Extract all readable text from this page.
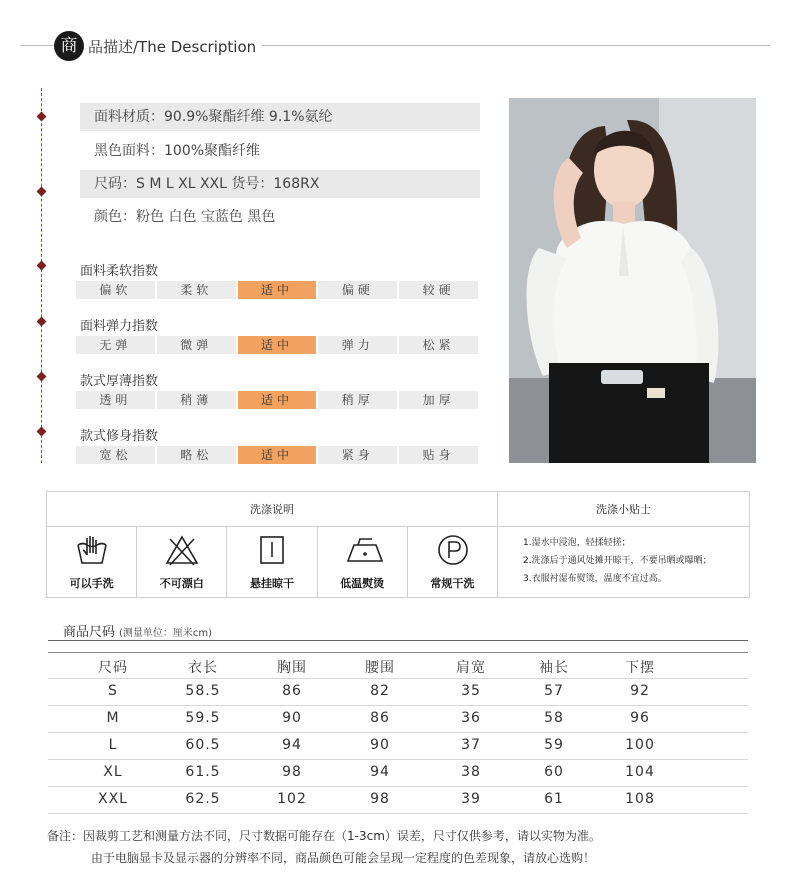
商 品描述/The Description
面料材质：90.9%聚酯纤维 9.1%氨纶
黑色面料：100%聚酯纤维
尺码：S M L XL XXL 货号：168RX
颜色：粉色 白色 宝蓝色 黑色
面料柔软指数
偏软	柔软	适中	偏硬	较硬
面料弹力指数
无弹	微弹	适中	弹力	松紧
款式厚薄指数
透明	稍薄	适中	稍厚	加厚
款式修身指数
宽松	略松	适中	紧身	贴身
洗涤说明	洗涤小贴士
可以手洗	不可漂白	悬挂晾干	低温熨烫	常规干洗
1.湿水中浸泡，轻揉轻搓；
2.洗涤后于通风处摊开晾干，不要吊晒或曝晒；
3.衣服衬湿布熨烫，温度不宜过高。
商品尺码 (测量单位：厘米cm)
尺码	衣长	胸围	腰围	肩宽	袖长	下摆
S	58.5	86	82	35	57	92
M	59.5	90	86	36	58	96
L	60.5	94	90	37	59	100
XL	61.5	98	94	38	60	104
XXL	62.5	102	98	39	61	108
备注：因裁剪工艺和测量方法不同，尺寸数据可能存在（1-3cm）误差，尺寸仅供参考，请以实物为准。
由于电脑显卡及显示器的分辨率不同，商品颜色可能会呈现一定程度的色差现象，请放心选购！
